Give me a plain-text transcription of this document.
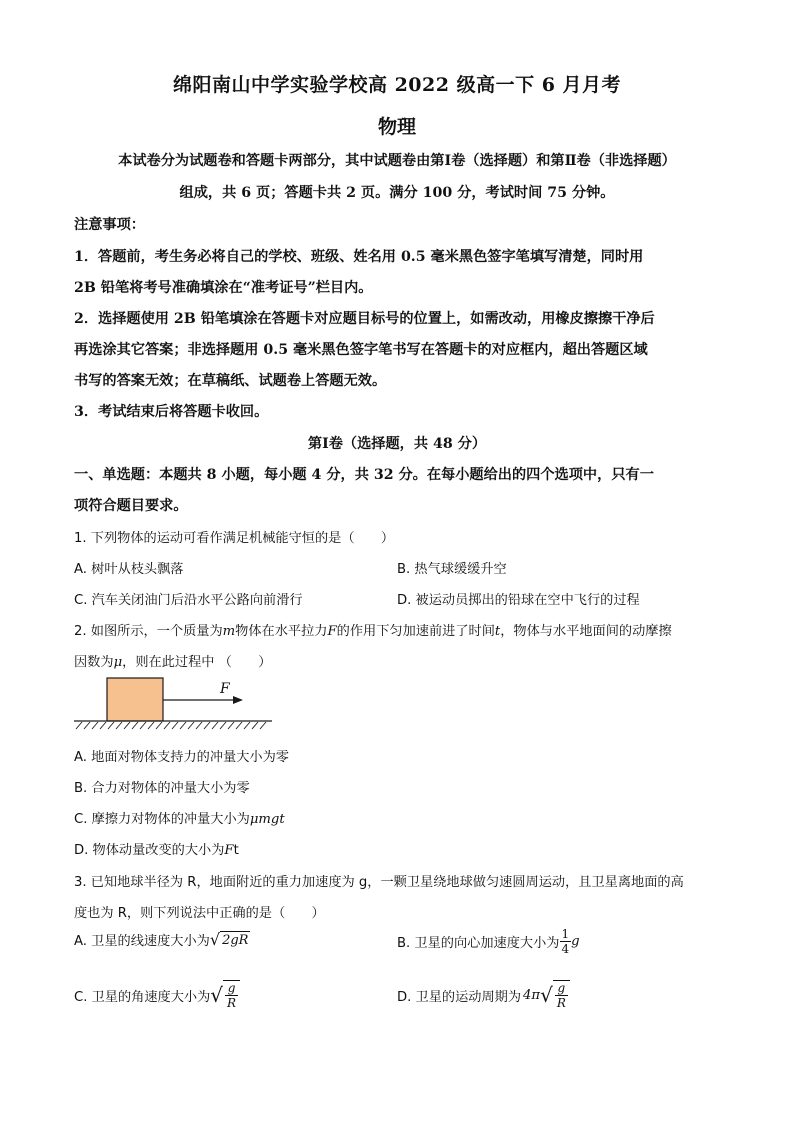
绵阳南山中学实验学校高 2022 级高一下 6 月月考
物理
本试卷分为试题卷和答题卡两部分，其中试题卷由第Ⅰ卷（选择题）和第Ⅱ卷（非选择题）
组成，共 6 页；答题卡共 2 页。满分 100 分，考试时间 75 分钟。
注意事项：
1．答题前，考生务必将自己的学校、班级、姓名用 0.5 毫米黑色签字笔填写清楚，同时用
2B 铅笔将考号准确填涂在“准考证号”栏目内。
2．选择题使用 2B 铅笔填涂在答题卡对应题目标号的位置上，如需改动，用橡皮擦擦干净后
再选涂其它答案；非选择题用 0.5 毫米黑色签字笔书写在答题卡的对应框内，超出答题区域
书写的答案无效；在草稿纸、试题卷上答题无效。
3．考试结束后将答题卡收回。
第Ⅰ卷（选择题，共 48 分）
一、单选题：本题共 8 小题，每小题 4 分，共 32 分。在每小题给出的四个选项中，只有一
项符合题目要求。
1. 下列物体的运动可看作满足机械能守恒的是（　　）
A. 树叶从枝头飘落	B. 热气球缓缓升空
C. 汽车关闭油门后沿水平公路向前滑行	D. 被运动员掷出的铅球在空中飞行的过程
2. 如图所示，一个质量为m物体在水平拉力F的作用下匀加速前进了时间t，物体与水平地面间的动摩擦
因数为μ，则在此过程中 （　　）
F
A. 地面对物体支持力的冲量大小为零
B. 合力对物体的冲量大小为零
C. 摩擦力对物体的冲量大小为μmgt
D. 物体动量改变的大小为Ft
3. 已知地球半径为 R，地面附近的重力加速度为 g，一颗卫星绕地球做匀速圆周运动，且卫星离地面的高
度也为 R，则下列说法中正确的是（　　）
A. 卫星的线速度大小为 √ 2gR	B. 卫星的向心加速度大小为 $\frac{1}{4}$ g
C. 卫星的角速度大小为 √ $\frac{g}{R}$	D. 卫星的运动周期为 4π √ $\frac{g}{R}$
